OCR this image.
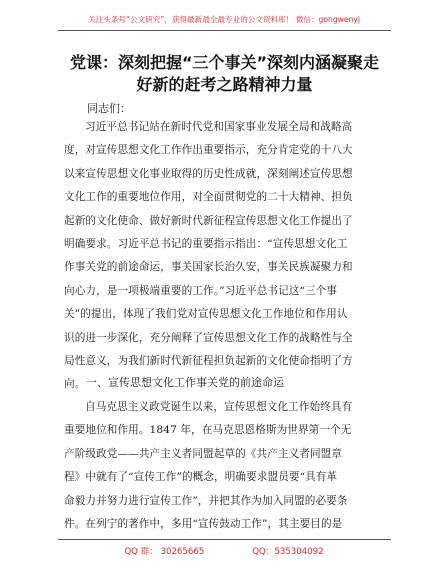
关注头条号“公文研究”，获得最新最全最专业的公文资料库！ 微信：gongwenyj
党课：深刻把握“三个事关”深刻内涵凝聚走
好新的赶考之路精神力量
同志们：
习近平总书记站在新时代党和国家事业发展全局和战略高
度，对宣传思想文化工作作出重要指示，充分肯定党的十八大
以来宣传思想文化事业取得的历史性成就，深刻阐述宣传思想
文化工作的重要地位作用，对全面贯彻党的二十大精神、担负
起新的文化使命、做好新时代新征程宣传思想文化工作提出了
明确要求。习近平总书记的重要指示指出：“宣传思想文化工
作事关党的前途命运，事关国家长治久安，事关民族凝聚力和
向心力，是一项极端重要的工作。”习近平总书记这“三个事
关”的提出，体现了我们党对宣传思想文化工作地位和作用认
识的进一步深化，充分阐释了宣传思想文化工作的战略性与全
局性意义，为我们新时代新征程担负起新的文化使命指明了方
向。 一、宣传思想文化工作事关党的前途命运
自马克思主义政党诞生以来，宣传思想文化工作始终具有
重要地位和作用。1847 年，在马克思恩格斯为世界第一个无
产阶级政党——共产主义者同盟起草的《共产主义者同盟章
程》中就有了“宣传工作”的概念，明确要求盟员要“具有革
命毅力并努力进行宣传工作”，并把其作为加入同盟的必要条
件。在列宁的著作中，多用“宣传鼓动工作”，其主要目的是
QQ 群： 30265665	QQ：535304092
